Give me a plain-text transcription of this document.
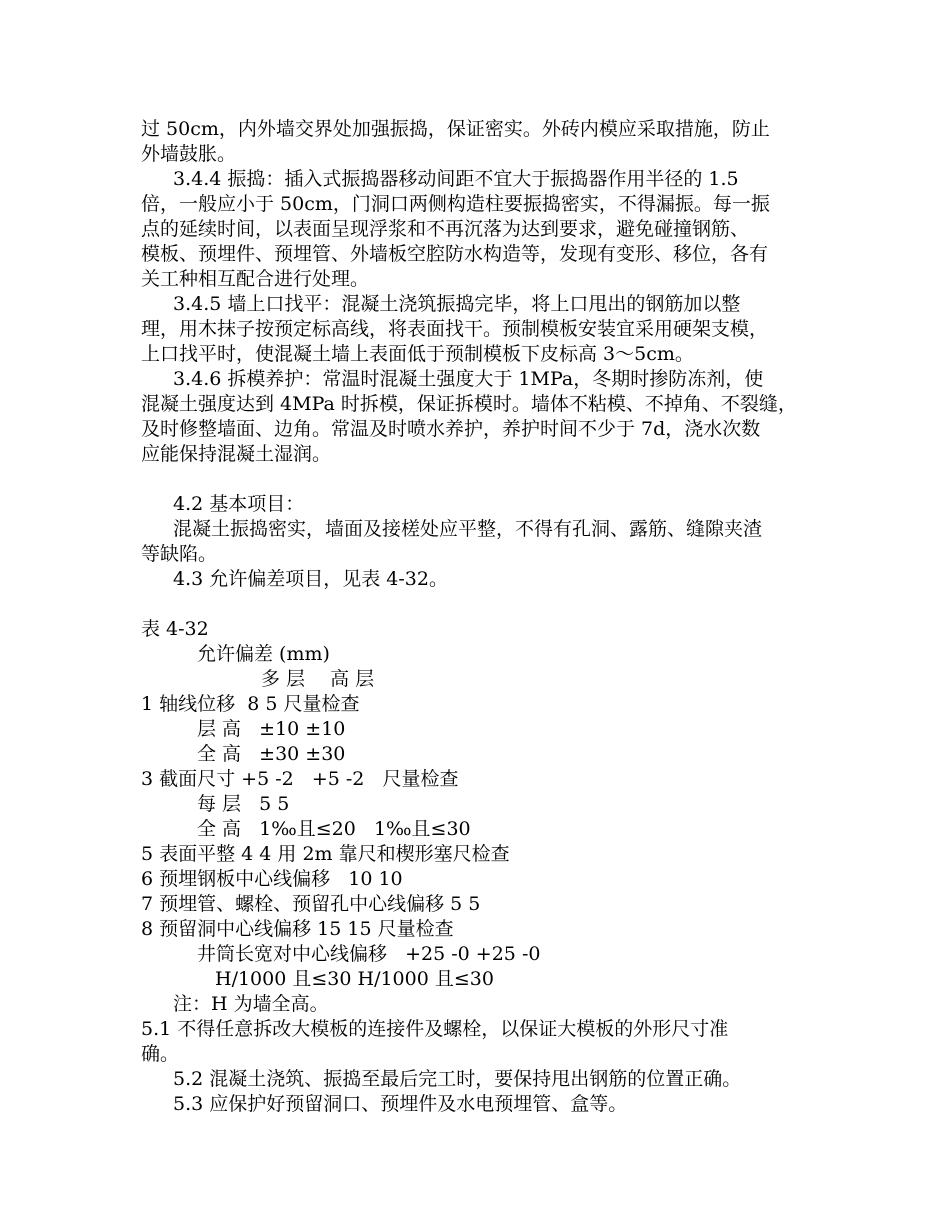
过 50cm，内外墙交界处加强振捣，保证密实。外砖内模应采取措施，防止

外墙鼓胀。

3.4.4 振捣：插入式振捣器移动间距不宜大于振捣器作用半径的 1.5

倍，一般应小于 50cm，门洞口两侧构造柱要振捣密实，不得漏振。每一振

点的延续时间，以表面呈现浮浆和不再沉落为达到要求，避免碰撞钢筋、

模板、预埋件、预埋管、外墙板空腔防水构造等，发现有变形、移位，各有

关工种相互配合进行处理。

3.4.5 墙上口找平：混凝土浇筑振捣完毕，将上口甩出的钢筋加以整

理，用木抹子按预定标高线，将表面找干。预制模板安装宜采用硬架支模，

上口找平时，使混凝土墙上表面低于预制模板下皮标高 3～5cm。

3.4.6 拆模养护：常温时混凝土强度大于 1MPa，冬期时掺防冻剂，使

混凝土强度达到 4MPa 时拆模，保证拆模时。墙体不粘模、不掉角、不裂缝，

及时修整墙面、边角。常温及时喷水养护，养护时间不少于 7d，浇水次数

应能保持混凝土湿润。

4.2 基本项目：

混凝土振捣密实，墙面及接槎处应平整，不得有孔洞、露筋、缝隙夹渣

等缺陷。

4.3 允许偏差项目，见表 4-32。

表 4-32

允许偏差 (mm)

多 层　 高 层

1 轴线位移  8 5 尺量检查

层 高   ±10 ±10

全 高   ±30 ±30

3 截面尺寸 +5 -2   +5 -2   尺量检查

每 层   5 5

全 高   1‰且≤20   1‰且≤30

5 表面平整 4 4 用 2m 靠尺和楔形塞尺检查

6 预埋钢板中心线偏移   10 10

7 预埋管、螺栓、预留孔中心线偏移 5 5

8 预留洞中心线偏移 15 15 尺量检查

井筒长宽对中心线偏移   +25 -0 +25 -0

H/1000 且≤30 H/1000 且≤30

注：H 为墙全高。

5.1 不得任意拆改大模板的连接件及螺栓，以保证大模板的外形尺寸准

确。

5.2 混凝土浇筑、振捣至最后完工时，要保持甩出钢筋的位置正确。

5.3 应保护好预留洞口、预埋件及水电预埋管、盒等。
